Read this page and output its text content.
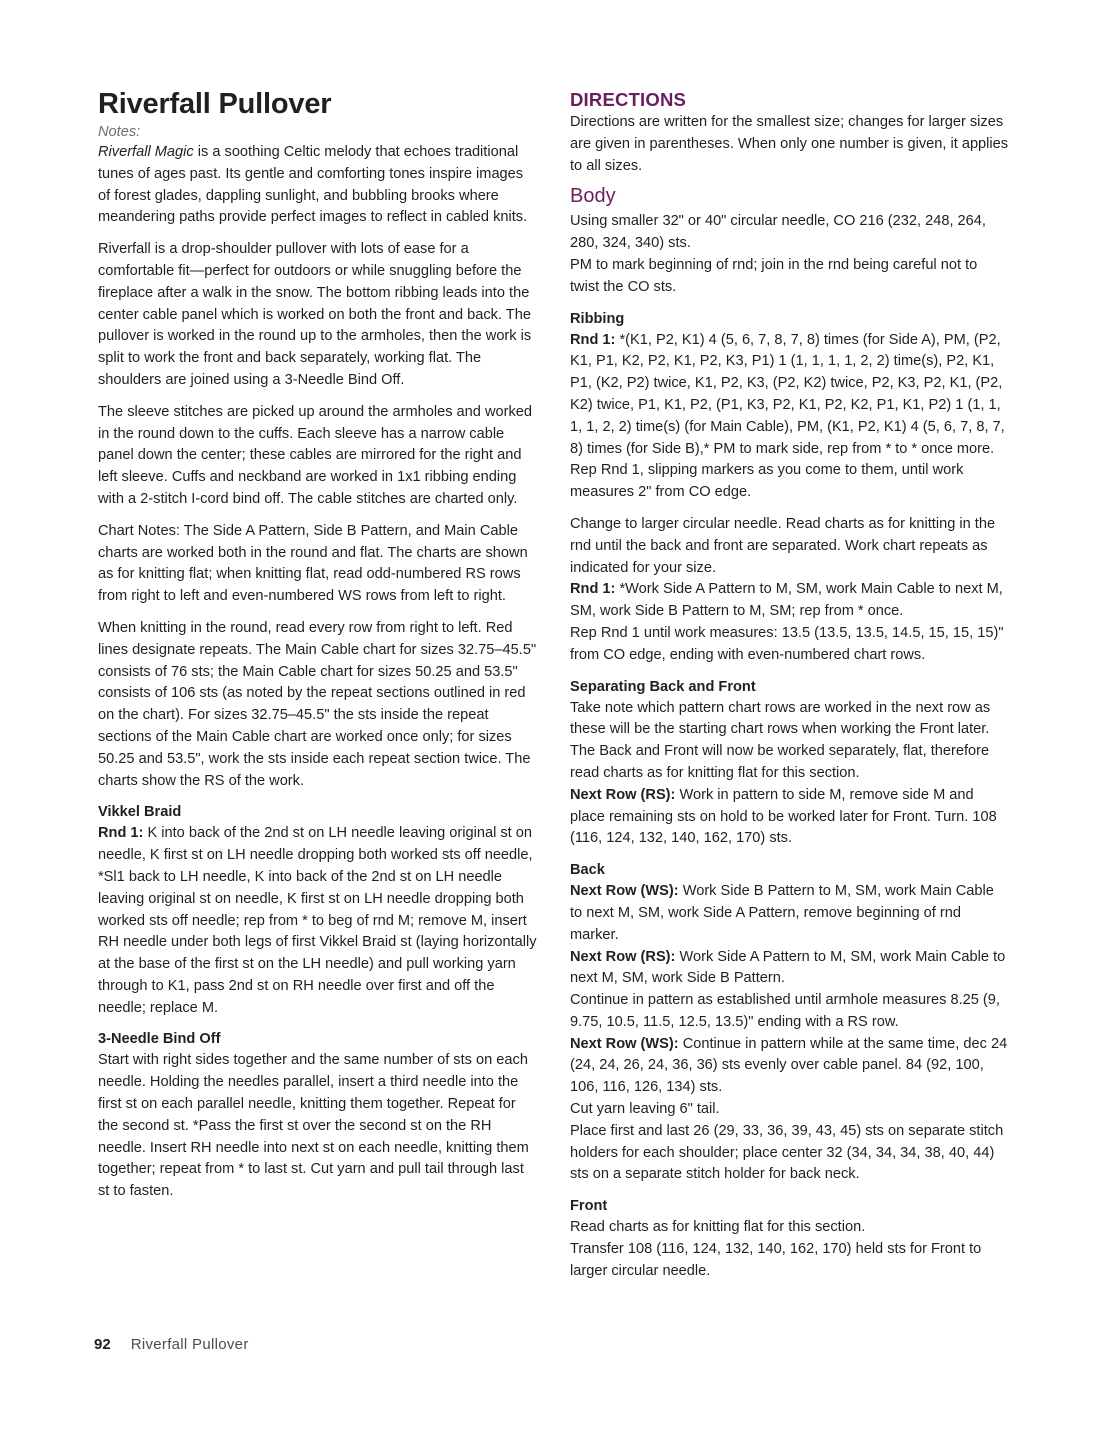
Riverfall Pullover
Notes:

Riverfall Magic is a soothing Celtic melody that echoes traditional tunes of ages past. Its gentle and comforting tones inspire images of forest glades, dappling sunlight, and bubbling brooks where meandering paths provide perfect images to reflect in cabled knits.

Riverfall is a drop-shoulder pullover with lots of ease for a comfortable fit—perfect for outdoors or while snuggling before the fireplace after a walk in the snow. The bottom ribbing leads into the center cable panel which is worked on both the front and back. The pullover is worked in the round up to the armholes, then the work is split to work the front and back separately, working flat. The shoulders are joined using a 3-Needle Bind Off.

The sleeve stitches are picked up around the armholes and worked in the round down to the cuffs. Each sleeve has a narrow cable panel down the center; these cables are mirrored for the right and left sleeve. Cuffs and neckband are worked in 1x1 ribbing ending with a 2-stitch I-cord bind off. The cable stitches are charted only.

Chart Notes: The Side A Pattern, Side B Pattern, and Main Cable charts are worked both in the round and flat. The charts are shown as for knitting flat; when knitting flat, read odd-numbered RS rows from right to left and even-numbered WS rows from left to right.

When knitting in the round, read every row from right to left. Red lines designate repeats. The Main Cable chart for sizes 32.75–45.5" consists of 76 sts; the Main Cable chart for sizes 50.25 and 53.5" consists of 106 sts (as noted by the repeat sections outlined in red on the chart). For sizes 32.75–45.5" the sts inside the repeat sections of the Main Cable chart are worked once only; for sizes 50.25 and 53.5", work the sts inside each repeat section twice. The charts show the RS of the work.

Vikkel Braid

Rnd 1: K into back of the 2nd st on LH needle leaving original st on needle, K first st on LH needle dropping both worked sts off needle, *Sl1 back to LH needle, K into back of the 2nd st on LH needle leaving original st on needle, K first st on LH needle dropping both worked sts off needle; rep from * to beg of rnd M; remove M, insert RH needle under both legs of first Vikkel Braid st (laying horizontally at the base of the first st on the LH needle) and pull working yarn through to K1, pass 2nd st on RH needle over first and off the needle; replace M.

3-Needle Bind Off

Start with right sides together and the same number of sts on each needle. Holding the needles parallel, insert a third needle into the first st on each parallel needle, knitting them together. Repeat for the second st. *Pass the first st over the second st on the RH needle. Insert RH needle into next st on each needle, knitting them together; repeat from * to last st. Cut yarn and pull tail through last st to fasten.

DIRECTIONS

Directions are written for the smallest size; changes for larger sizes are given in parentheses. When only one number is given, it applies to all sizes.

Body

Using smaller 32" or 40" circular needle, CO 216 (232, 248, 264, 280, 324, 340) sts.

PM to mark beginning of rnd; join in the rnd being careful not to twist the CO sts.

Ribbing

Rnd 1: *(K1, P2, K1) 4 (5, 6, 7, 8, 7, 8) times (for Side A), PM, (P2, K1, P1, K2, P2, K1, P2, K3, P1) 1 (1, 1, 1, 1, 2, 2) time(s), P2, K1, P1, (K2, P2) twice, K1, P2, K3, (P2, K2) twice, P2, K3, P2, K1, (P2, K2) twice, P1, K1, P2, (P1, K3, P2, K1, P2, K2, P1, K1, P2) 1 (1, 1, 1, 1, 2, 2) time(s) (for Main Cable), PM, (K1, P2, K1) 4 (5, 6, 7, 8, 7, 8) times (for Side B),* PM to mark side, rep from * to * once more.

Rep Rnd 1, slipping markers as you come to them, until work measures 2" from CO edge.

Change to larger circular needle. Read charts as for knitting in the rnd until the back and front are separated. Work chart repeats as indicated for your size.

Rnd 1: *Work Side A Pattern to M, SM, work Main Cable to next M, SM, work Side B Pattern to M, SM; rep from * once.

Rep Rnd 1 until work measures: 13.5 (13.5, 13.5, 14.5, 15, 15, 15)" from CO edge, ending with even-numbered chart rows.

Separating Back and Front

Take note which pattern chart rows are worked in the next row as these will be the starting chart rows when working the Front later. The Back and Front will now be worked separately, flat, therefore read charts as for knitting flat for this section.

Next Row (RS): Work in pattern to side M, remove side M and place remaining sts on hold to be worked later for Front. Turn. 108 (116, 124, 132, 140, 162, 170) sts.

Back

Next Row (WS): Work Side B Pattern to M, SM, work Main Cable to next M, SM, work Side A Pattern, remove beginning of rnd marker.

Next Row (RS): Work Side A Pattern to M, SM, work Main Cable to next M, SM, work Side B Pattern.

Continue in pattern as established until armhole measures 8.25 (9, 9.75, 10.5, 11.5, 12.5, 13.5)" ending with a RS row.

Next Row (WS): Continue in pattern while at the same time, dec 24 (24, 24, 26, 24, 36, 36) sts evenly over cable panel. 84 (92, 100, 106, 116, 126, 134) sts.

Cut yarn leaving 6" tail.

Place first and last 26 (29, 33, 36, 39, 43, 45) sts on separate stitch holders for each shoulder; place center 32 (34, 34, 34, 38, 40, 44) sts on a separate stitch holder for back neck.

Front

Read charts as for knitting flat for this section.

Transfer 108 (116, 124, 132, 140, 162, 170) held sts for Front to larger circular needle.

92 Riverfall Pullover
